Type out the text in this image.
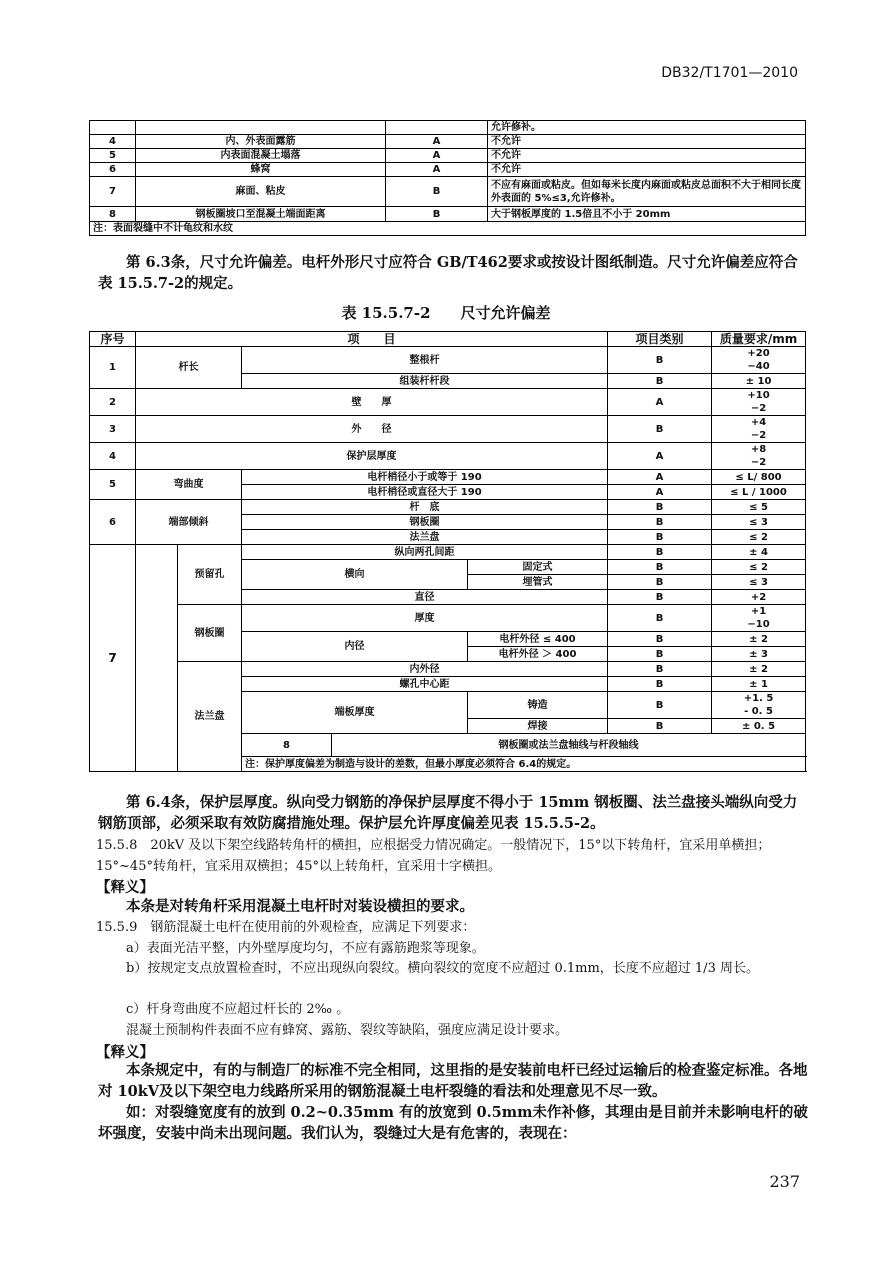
DB32/T1701—2010
			允许修补。
4	内、外表面露筋	A	不允许
5	内表面混凝土塌落	A	不允许
6	蜂窝	A	不允许
7	麻面、粘皮	B	不应有麻面或粘皮。但如每米长度内麻面或粘皮总面积不大于相同长度外表面的 5%≤3,允许修补。
8	钢板圈坡口至混凝土端面距离	B	大于钢板厚度的 1.5倍且不小于 20mm
注：表面裂缝中不计龟纹和水纹			

第 6.3条，尺寸允许偏差。电杆外形尺寸应符合 GB/T462要求或按设计图纸制造。尺寸允许偏差应符合表 15.5.7-2的规定。

表 15.5.7-2　　尺寸允许偏差
序号	项　　目					项目类别	质量要求/mm	
1	杆长		整根杆			B	+20
−40	

			组装杆杆段			B	± 10	
2	壁　　厚					A	+10
−2	

3	外　　径					B	+4
−2	

4	保护层厚度					A	+8
−2	

5	弯曲度		电杆梢径小于或等于 190			A	≤ L/ 800	
			电杆梢径或直径大于 190			A	≤ L / 1000	
6	端部倾斜		杆　底			B	≤ 5	
			钢板圈			B	≤ 3	
			法兰盘			B	≤ 2	
7		预留孔	纵向两孔间距			B	± 4	
			横向		固定式	B	≤ 2	
					埋管式	B	≤ 3	
			直径			B	+2	
		钢板圈	厚度			B	+1
−10	

			内径		电杆外径 ≤ 400	B	± 2	
					电杆外径 ＞ 400	B	± 3	
		法兰盘	内外径			B	± 2	
			螺孔中心距			B	± 1	
			端板厚度		铸造	B	+1. 5
- 0. 5	

					焊接	B	± 0. 5	
			8	钢板圈或法兰盘轴线与杆段轴线		
			注：保护厚度偏差为制造与设计的差数，但最小厚度必须符合 6.4的规定。					

第 6.4条，保护层厚度。纵向受力钢筋的净保护层厚度不得小于 15mm 钢板圈、法兰盘接头端纵向受力钢筋顶部，必须采取有效防腐措施处理。保护层允许厚度偏差见表 15.5.5-2。

15.5.8　20kV 及以下架空线路转角杆的横担，应根据受力情况确定。一般情况下，15°以下转角杆，宜采用单横担；15°~45°转角杆，宜采用双横担；45°以上转角杆，宜采用十字横担。

【释义】

本条是对转角杆采用混凝土电杆时对装设横担的要求。

15.5.9　钢筋混凝土电杆在使用前的外观检查，应满足下列要求：

a）表面光洁平整，内外壁厚度均匀，不应有露筋跑浆等现象。

b）按规定支点放置检查时，不应出现纵向裂纹。横向裂纹的宽度不应超过 0.1mm，长度不应超过 1/3 周长。

c）杆身弯曲度不应超过杆长的 2‰ 。

混凝土预制构件表面不应有蜂窝、露筋、裂纹等缺陷，强度应满足设计要求。

【释义】

本条规定中，有的与制造厂的标准不完全相同，这里指的是安装前电杆已经过运输后的检查鉴定标准。各地对 10kV及以下架空电力线路所采用的钢筋混凝土电杆裂缝的看法和处理意见不尽一致。

如：对裂缝宽度有的放到 0.2~0.35mm 有的放宽到 0.5mm未作补修，其理由是目前并未影响电杆的破坏强度，安装中尚未出现问题。我们认为，裂缝过大是有危害的，表现在：

237
